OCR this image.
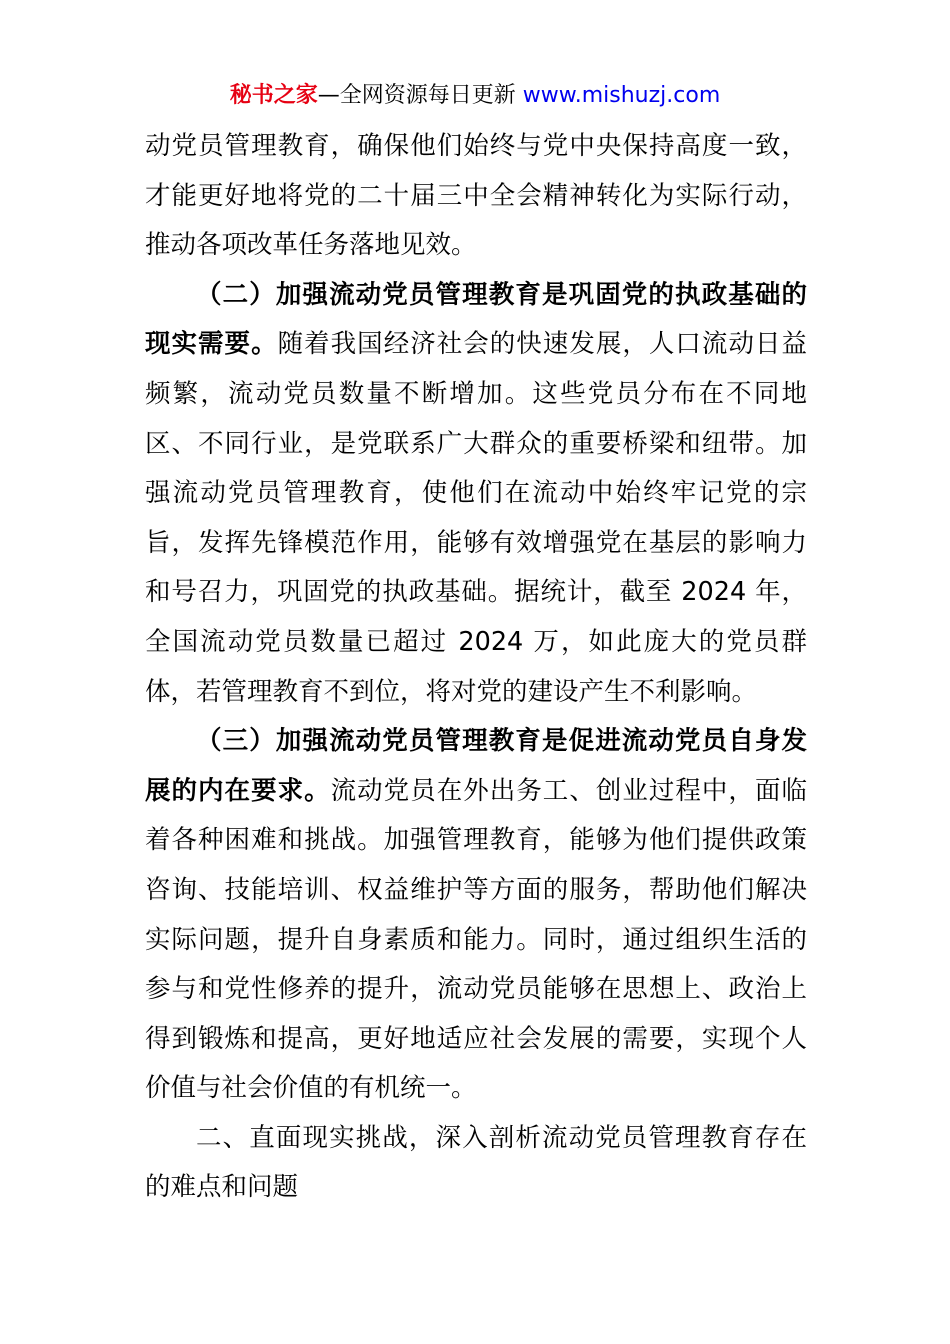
秘书之家—全网资源每日更新 www.mishuzj.com

动党员管理教育，确保他们始终与党中央保持高度一致，才能更好地将党的二十届三中全会精神转化为实际行动，推动各项改革任务落地见效。

（二）加强流动党员管理教育是巩固党的执政基础的现实需要。随着我国经济社会的快速发展，人口流动日益频繁，流动党员数量不断增加。这些党员分布在不同地区、不同行业，是党联系广大群众的重要桥梁和纽带。加强流动党员管理教育，使他们在流动中始终牢记党的宗旨，发挥先锋模范作用，能够有效增强党在基层的影响力和号召力，巩固党的执政基础。据统计，截至 2024 年，全国流动党员数量已超过 2024 万，如此庞大的党员群体，若管理教育不到位，将对党的建设产生不利影响。

（三）加强流动党员管理教育是促进流动党员自身发展的内在要求。流动党员在外出务工、创业过程中，面临着各种困难和挑战。加强管理教育，能够为他们提供政策咨询、技能培训、权益维护等方面的服务，帮助他们解决实际问题，提升自身素质和能力。同时，通过组织生活的参与和党性修养的提升，流动党员能够在思想上、政治上得到锻炼和提高，更好地适应社会发展的需要，实现个人价值与社会价值的有机统一。

二、直面现实挑战，深入剖析流动党员管理教育存在的难点和问题
